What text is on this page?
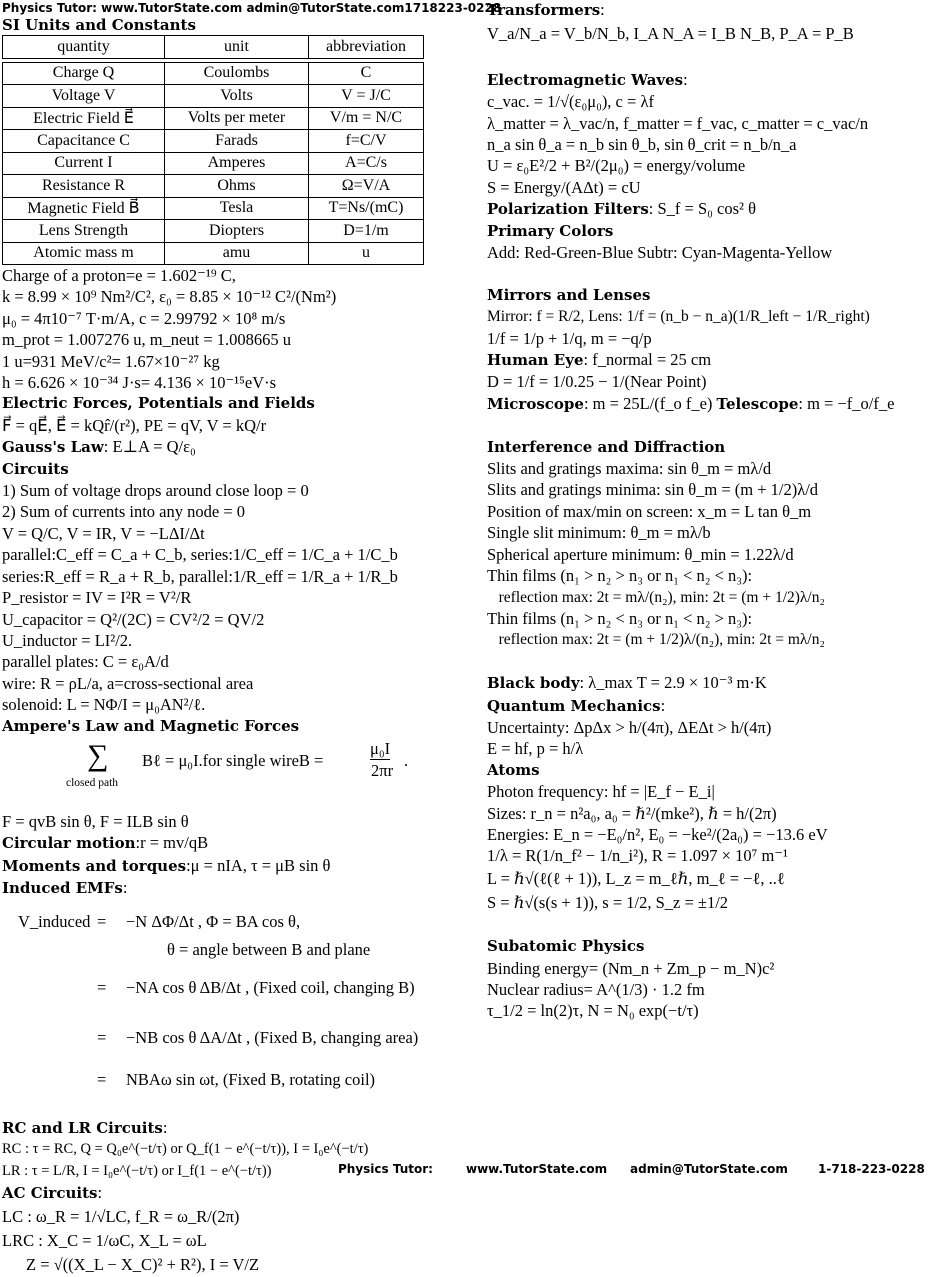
Physics Tutor: www.TutorState.com admin@TutorState.com1718223-0228
SI Units and Constants
quantity	unit	abbreviation
Charge Q	Coulombs	C
Voltage V	Volts	V = J/C
Electric Field E⃗	Volts per meter	V/m = N/C
Capacitance C	Farads	f=C/V
Current I	Amperes	A=C/s
Resistance R	Ohms	Ω=V/A
Magnetic Field B⃗	Tesla	T=Ns/(mC)
Lens Strength	Diopters	D=1/m
Atomic mass m	amu	u
Charge of a proton=e = 1.602⁻¹⁹ C,
k = 8.99 × 10⁹ Nm²/C², ε₀ = 8.85 × 10⁻¹² C²/(Nm²)
μ₀ = 4π10⁻⁷ T·m/A, c = 2.99792 × 10⁸ m/s
m_prot = 1.007276 u, m_neut = 1.008665 u
1 u=931 MeV/c²= 1.67×10⁻²⁷ kg
h = 6.626 × 10⁻³⁴ J·s= 4.136 × 10⁻¹⁵eV·s
Electric Forces, Potentials and Fields
F⃗ = qE⃗, E⃗ = kQr̂/(r²), PE = qV, V = kQ/r
Gauss's Law: E⊥A = Q/ε₀
Circuits
1) Sum of voltage drops around close loop = 0
2) Sum of currents into any node = 0
V = Q/C, V = IR, V = −LΔI/Δt
parallel:C_eff = C_a + C_b, series:1/C_eff = 1/C_a + 1/C_b
series:R_eff = R_a + R_b, parallel:1/R_eff = 1/R_a + 1/R_b
P_resistor = IV = I²R = V²/R
U_capacitor = Q²/(2C) = CV²/2 = QV/2
U_inductor = LI²/2.
parallel plates: C = ε₀A/d
wire: R = ρL/a, a=cross-sectional area
solenoid: L = NΦ/I = μ₀AN²/ℓ.
Ampere's Law and Magnetic Forces
∑
closed path
Bℓ = μ₀I.for single wireB =
μ₀I
2πr
.
F = qvB sin θ, F = ILB sin θ
Circular motion:r = mv/qB
Moments and torques:μ = nIA, τ = μB sin θ
Induced EMFs:
V_induced = −N ΔΦ/Δt , Φ = BA cos θ,
θ = angle between B and plane
= −NA cos θ ΔB/Δt , (Fixed coil, changing B)
= −NB cos θ ΔA/Δt , (Fixed B, changing area)
= NBAω sin ωt, (Fixed B, rotating coil)
RC and LR Circuits:
RC : τ = RC, Q = Q₀e^(−t/τ) or Q_f(1 − e^(−t/τ)), I = I₀e^(−t/τ)
LR : τ = L/R, I = I₀e^(−t/τ) or I_f(1 − e^(−t/τ))
AC Circuits:
LC : ω_R = 1/√LC, f_R = ω_R/(2π)
LRC : X_C = 1/ωC, X_L = ωL
Z = √((X_L − X_C)² + R²), I = V/Z
Transformers:
V_a/N_a = V_b/N_b, I_A N_A = I_B N_B, P_A = P_B
Electromagnetic Waves:
c_vac. = 1/√(ε₀μ₀), c = λf
λ_matter = λ_vac/n, f_matter = f_vac, c_matter = c_vac/n
n_a sin θ_a = n_b sin θ_b, sin θ_crit = n_b/n_a
U = ε₀E²/2 + B²/(2μ₀) = energy/volume
S = Energy/(AΔt) = cU
Polarization Filters: S_f = S₀ cos² θ
Primary Colors
Add: Red-Green-Blue Subtr: Cyan-Magenta-Yellow
Mirrors and Lenses
Mirror: f = R/2, Lens: 1/f = (n_b − n_a)(1/R_left − 1/R_right)
1/f = 1/p + 1/q, m = −q/p
Human Eye: f_normal = 25 cm
D = 1/f = 1/0.25 − 1/(Near Point)
Microscope: m = 25L/(f_o f_e) Telescope: m = −f_o/f_e
Interference and Diffraction
Slits and gratings maxima: sin θ_m = mλ/d
Slits and gratings minima: sin θ_m = (m + 1/2)λ/d
Position of max/min on screen: x_m = L tan θ_m
Single slit minimum: θ_m = mλ/b
Spherical aperture minimum: θ_min = 1.22λ/d
Thin films (n₁ > n₂ > n₃ or n₁ < n₂ < n₃):
reflection max: 2t = mλ/(n₂), min: 2t = (m + 1/2)λ/n₂
Thin films (n₁ > n₂ < n₃ or n₁ < n₂ > n₃):
reflection max: 2t = (m + 1/2)λ/(n₂), min: 2t = mλ/n₂
Black body: λ_max T = 2.9 × 10⁻³ m·K
Quantum Mechanics:
Uncertainty: ΔpΔx > h/(4π), ΔEΔt > h/(4π)
E = hf, p = h/λ
Atoms
Photon frequency: hf = |E_f − E_i|
Sizes: r_n = n²a₀, a₀ = ℏ²/(mke²), ℏ = h/(2π)
Energies: E_n = −E₀/n², E₀ = −ke²/(2a₀) = −13.6 eV
1/λ = R(1/n_f² − 1/n_i²), R = 1.097 × 10⁷ m⁻¹
L = ℏ√(ℓ(ℓ + 1)), L_z = m_ℓℏ, m_ℓ = −ℓ, ..ℓ
S = ℏ√(s(s + 1)), s = 1/2, S_z = ±1/2
Subatomic Physics
Binding energy= (Nm_n + Zm_p − m_N)c²
Nuclear radius= A^(1/3) · 1.2 fm
τ_1/2 = ln(2)τ, N = N₀ exp(−t/τ)
Physics Tutor:	www.TutorState.com admin@TutorState.com	1-718-223-0228
